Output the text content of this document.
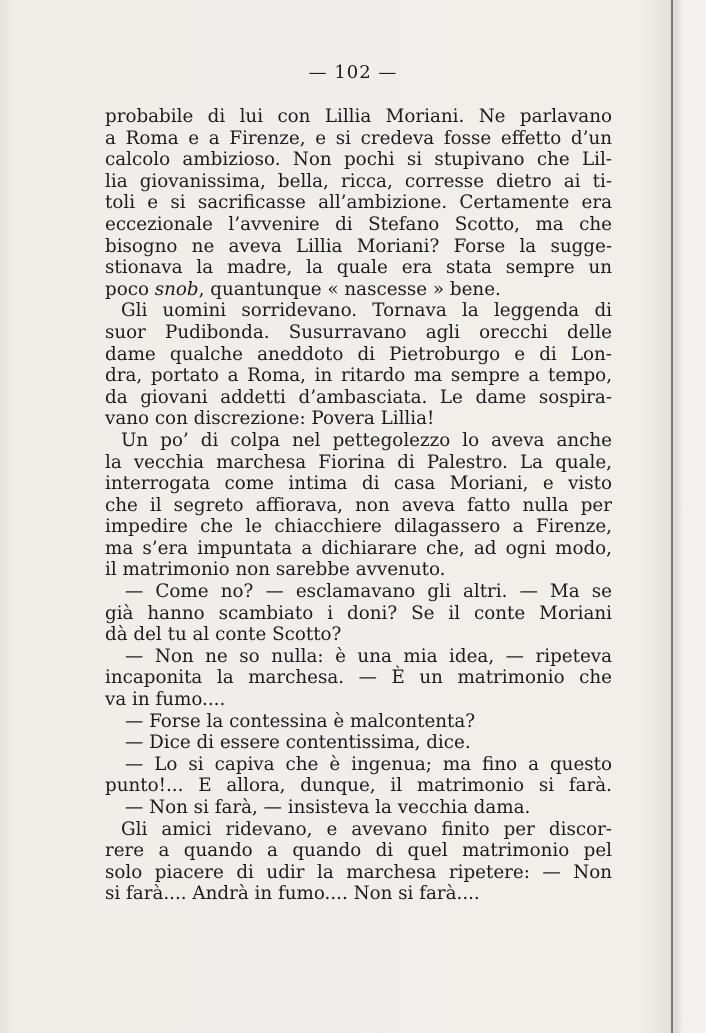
— 102 —
probabile di lui con Lillia Moriani. Ne parlavano
a Roma e a Firenze, e si credeva fosse effetto d’un
calcolo ambizioso. Non pochi si stupivano che Lil-
lia giovanissima, bella, ricca, corresse dietro ai ti-
toli e si sacrificasse all’ambizione. Certamente era
eccezionale l’avvenire di Stefano Scotto, ma che
bisogno ne aveva Lillia Moriani? Forse la sugge-
stionava la madre, la quale era stata sempre un
poco snob, quantunque « nascesse » bene.
Gli uomini sorridevano. Tornava la leggenda di
suor Pudibonda. Susurravano agli orecchi delle
dame qualche aneddoto di Pietroburgo e di Lon-
dra, portato a Roma, in ritardo ma sempre a tempo,
da giovani addetti d’ambasciata. Le dame sospira-
vano con discrezione: Povera Lillia!
Un po’ di colpa nel pettegolezzo lo aveva anche
la vecchia marchesa Fiorina di Palestro. La quale,
interrogata come intima di casa Moriani, e visto
che il segreto affiorava, non aveva fatto nulla per
impedire che le chiacchiere dilagassero a Firenze,
ma s’era impuntata a dichiarare che, ad ogni modo,
il matrimonio non sarebbe avvenuto.
— Come no? — esclamavano gli altri. — Ma se
già hanno scambiato i doni? Se il conte Moriani
dà del tu al conte Scotto?
— Non ne so nulla: è una mia idea, — ripeteva
incaponita la marchesa. — È un matrimonio che
va in fumo....
— Forse la contessina è malcontenta?
— Dice di essere contentissima, dice.
— Lo si capiva che è ingenua; ma fino a questo
punto!... E allora, dunque, il matrimonio si farà.
— Non si farà, — insisteva la vecchia dama.
Gli amici ridevano, e avevano finito per discor-
rere a quando a quando di quel matrimonio pel
solo piacere di udir la marchesa ripetere: — Non
si farà.... Andrà in fumo.... Non si farà....
